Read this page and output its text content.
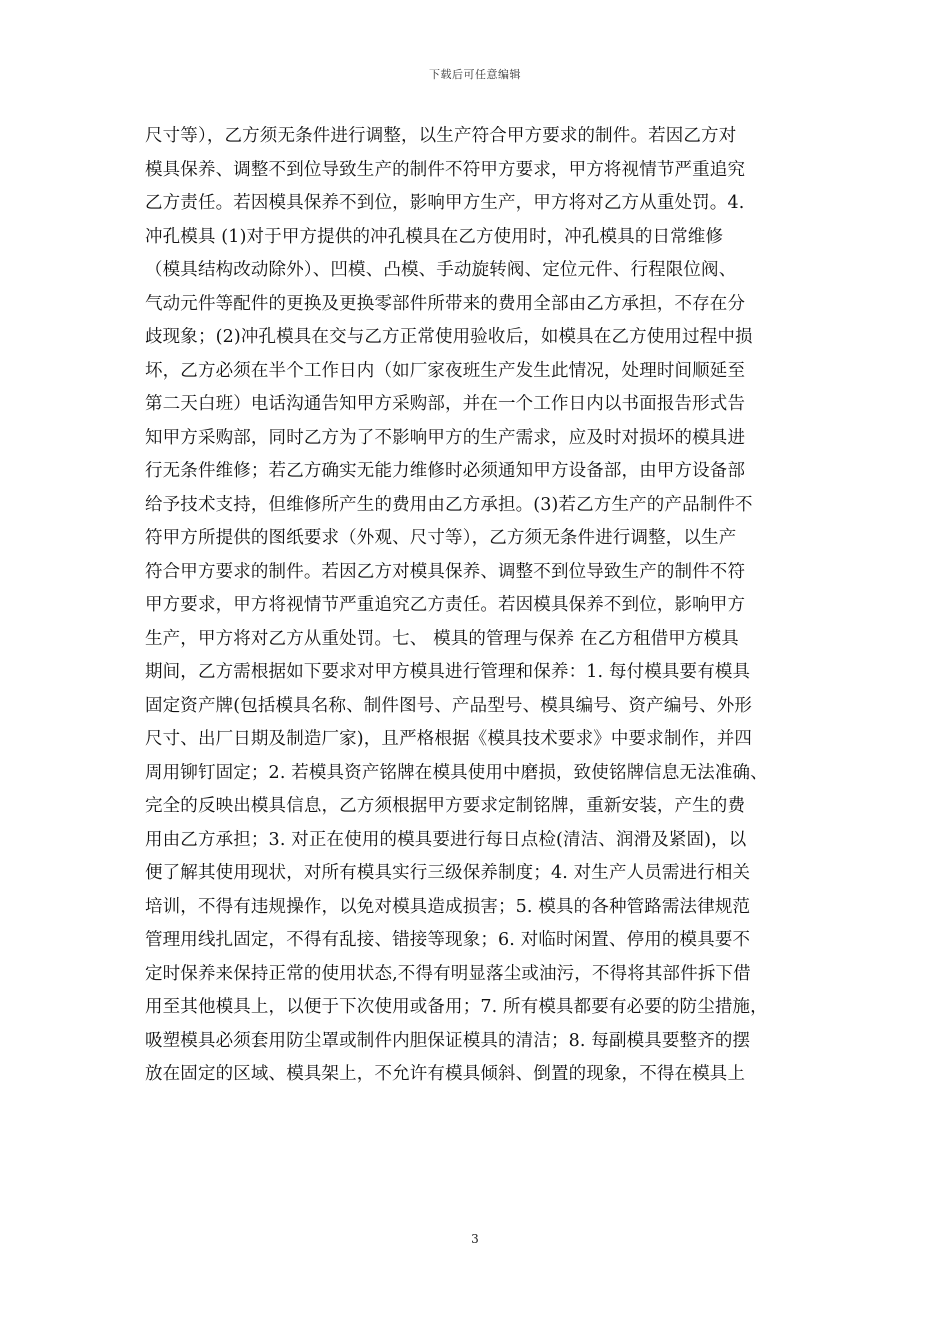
下载后可任意编辑
尺寸等），乙方须无条件进行调整，以生产符合甲方要求的制件。若因乙方对
模具保养、调整不到位导致生产的制件不符甲方要求，甲方将视情节严重追究
乙方责任。若因模具保养不到位，影响甲方生产，甲方将对乙方从重处罚。4.
冲孔模具 (1)对于甲方提供的冲孔模具在乙方使用时，冲孔模具的日常维修
（模具结构改动除外）、凹模、凸模、手动旋转阀、定位元件、行程限位阀、
气动元件等配件的更换及更换零部件所带来的费用全部由乙方承担，不存在分
歧现象；(2)冲孔模具在交与乙方正常使用验收后，如模具在乙方使用过程中损
坏，乙方必须在半个工作日内（如厂家夜班生产发生此情况，处理时间顺延至
第二天白班）电话沟通告知甲方采购部，并在一个工作日内以书面报告形式告
知甲方采购部，同时乙方为了不影响甲方的生产需求，应及时对损坏的模具进
行无条件维修；若乙方确实无能力维修时必须通知甲方设备部，由甲方设备部
给予技术支持，但维修所产生的费用由乙方承担。(3)若乙方生产的产品制件不
符甲方所提供的图纸要求（外观、尺寸等），乙方须无条件进行调整，以生产
符合甲方要求的制件。若因乙方对模具保养、调整不到位导致生产的制件不符
甲方要求，甲方将视情节严重追究乙方责任。若因模具保养不到位，影响甲方
生产，甲方将对乙方从重处罚。七、 模具的管理与保养 在乙方租借甲方模具
期间，乙方需根据如下要求对甲方模具进行管理和保养：1. 每付模具要有模具
固定资产牌(包括模具名称、制件图号、产品型号、模具编号、资产编号、外形
尺寸、出厂日期及制造厂家)，且严格根据《模具技术要求》中要求制作，并四
周用铆钉固定；2. 若模具资产铭牌在模具使用中磨损，致使铭牌信息无法准确、
完全的反映出模具信息，乙方须根据甲方要求定制铭牌，重新安装，产生的费
用由乙方承担；3. 对正在使用的模具要进行每日点检(清洁、润滑及紧固)，以
便了解其使用现状，对所有模具实行三级保养制度；4. 对生产人员需进行相关
培训，不得有违规操作，以免对模具造成损害；5. 模具的各种管路需法律规范
管理用线扎固定，不得有乱接、错接等现象；6. 对临时闲置、停用的模具要不
定时保养来保持正常的使用状态,不得有明显落尘或油污，不得将其部件拆下借
用至其他模具上，以便于下次使用或备用；7. 所有模具都要有必要的防尘措施，
吸塑模具必须套用防尘罩或制件内胆保证模具的清洁；8. 每副模具要整齐的摆
放在固定的区域、模具架上，不允许有模具倾斜、倒置的现象，不得在模具上
3
